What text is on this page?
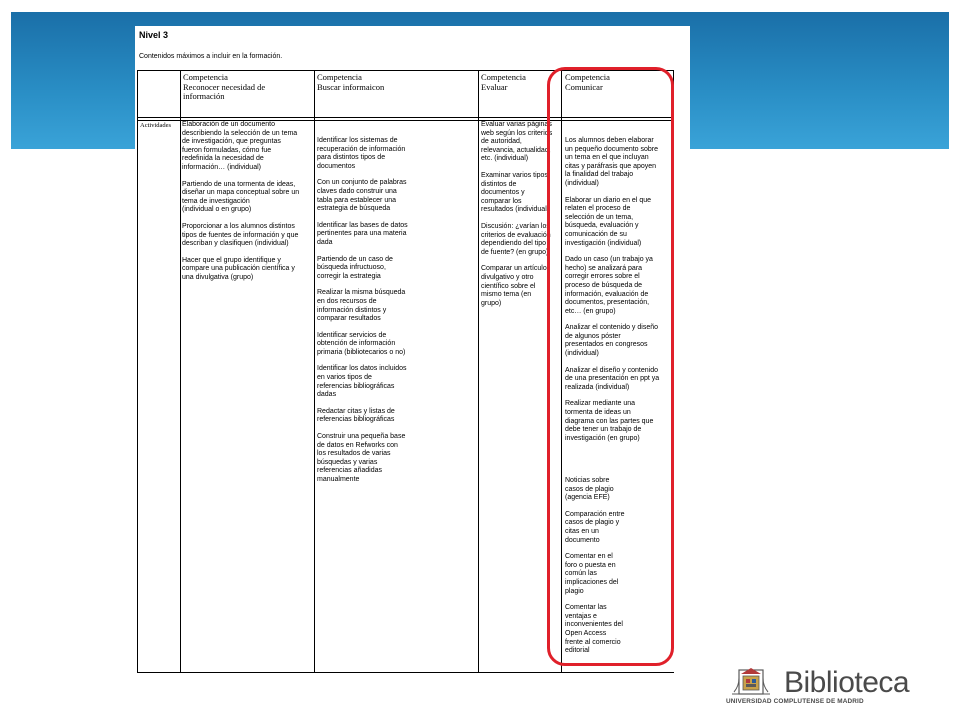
Nivel 3
Contenidos máximos a incluir en la formación.
Competencia
Reconocer necesidad de
información
Competencia
Buscar informaicon
Competencia
Evaluar
Competencia
Comunicar
Actividades Elaboración de un documento
describiendo la selección de un tema
de investigación, que preguntas
fueron formuladas, cómo fue
redefinida la necesidad de
información… (individual)

Partiendo de una tormenta de ideas,
diseñar un mapa conceptual sobre un
tema de investigación
(individual o en grupo)

Proporcionar a los alumnos distintos
tipos de fuentes de información y que
describan y clasifiquen (individual)

Hacer que el grupo identifique y
compare una publicación científica y
una divulgativa (grupo)

Identificar los sistemas de
recuperación de información
para distintos tipos de
documentos

Con un conjunto de palabras
claves dado construir una
tabla para establecer una
estrategia de búsqueda

Identificar las bases de datos
pertinentes para una materia
dada

Partiendo de un caso de
búsqueda infructuoso,
corregir la estrategia

Realizar la misma búsqueda
en dos recursos de
información distintos y
comparar resultados

Identificar servicios de
obtención de información
primaria (bibliotecarios o no)

Identificar los datos incluidos
en varios tipos de
referencias bibliográficas
dadas

Redactar citas y listas de
referencias bibliográficas

Construir una pequeña base
de datos en Refworks con
los resultados de varias
búsquedas y varias
referencias añadidas
manualmente

Evaluar varias páginas
web según los criterios
de autoridad,
relevancia, actualidad,
etc. (individual)

Examinar varios tipos
distintos de
documentos y
comparar los
resultados (individual)

Discusión: ¿varían los
criterios de evaluación
dependiendo del tipo
de fuente? (en grupo)

Comparar un artículo
divulgativo y otro
científico sobre el
mismo tema (en
grupo)

Los alumnos deben elaborar
un pequeño documento sobre
un tema en el que incluyan
citas y paráfrasis que apoyen
la finalidad del trabajo
(individual)

Elaborar un diario en el que
relaten el proceso de
selección de un tema,
búsqueda, evaluación y
comunicación de su
investigación (individual)

Dado un caso (un trabajo ya
hecho) se analizará para
corregir errores sobre el
proceso de búsqueda de
información, evaluación de
documentos, presentación,
etc… (en grupo)

Analizar el contenido y diseño
de algunos póster
presentados en congresos
(individual)

Analizar el diseño y contenido
de una presentación en ppt ya
realizada (individual)

Realizar mediante una
tormenta de ideas un
diagrama con las partes que
debe tener un trabajo de
investigación (en grupo)

Noticias sobre
casos de plagio
(agencia EFE)

Comparación entre
casos de plagio y
citas en un
documento

Comentar en el
foro o puesta en
común las
implicaciones del
plagio

Comentar las
ventajas e
inconvenientes del
Open Access
frente al comercio
editorial

Biblioteca
UNIVERSIDAD COMPLUTENSE DE MADRID
